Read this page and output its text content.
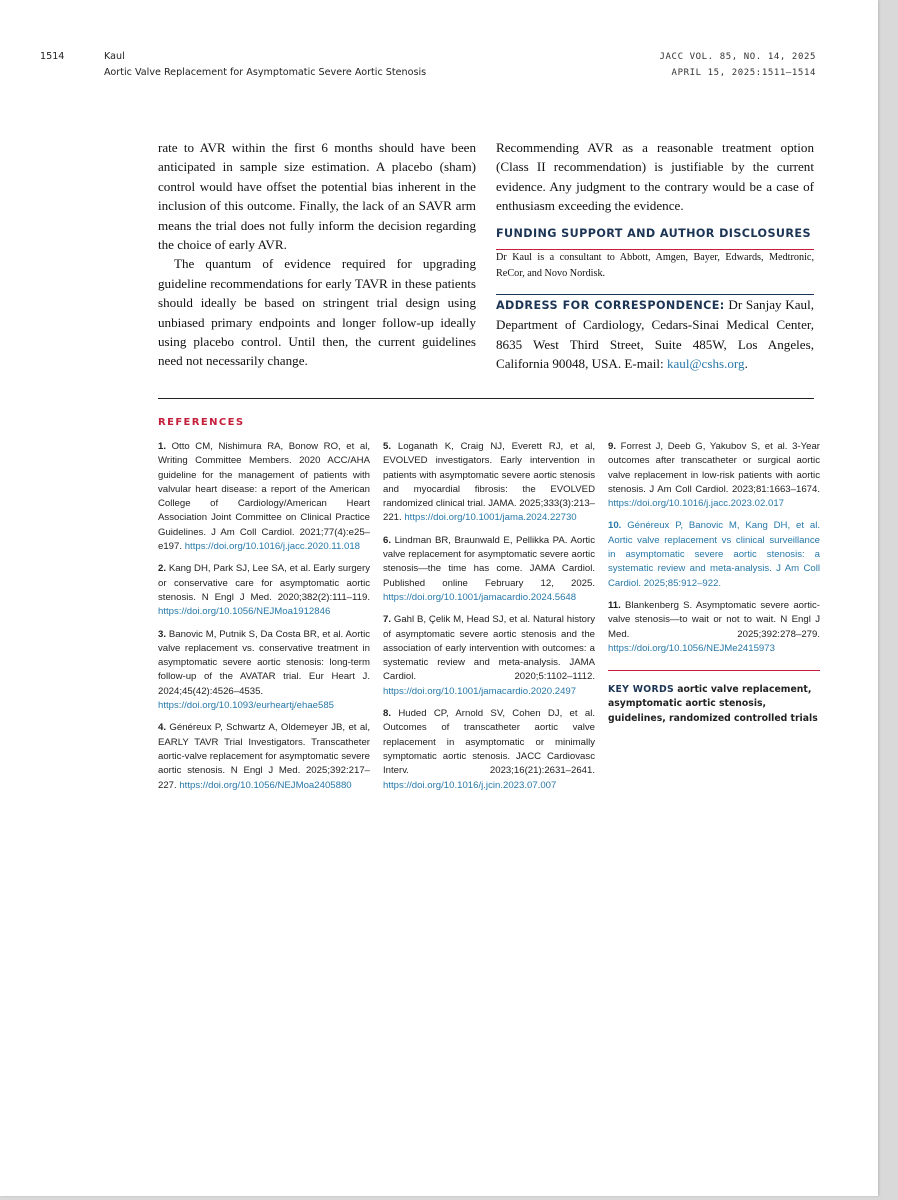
1514	Kaul
Aortic Valve Replacement for Asymptomatic Severe Aortic Stenosis
JACC VOL. 85, NO. 14, 2025
APRIL 15, 2025:1511–1514

rate to AVR within the first 6 months should have been anticipated in sample size estimation. A placebo (sham) control would have offset the potential bias inherent in the inclusion of this outcome. Finally, the lack of an SAVR arm means the trial does not fully inform the decision regarding the choice of early AVR.

The quantum of evidence required for upgrading guideline recommendations for early TAVR in these patients should ideally be based on stringent trial design using unbiased primary endpoints and longer follow-up ideally using placebo control. Until then, the current guidelines need not necessarily change.

Recommending AVR as a reasonable treatment option (Class II recommendation) is justifiable by the current evidence. Any judgment to the contrary would be a case of enthusiasm exceeding the evidence.

FUNDING SUPPORT AND AUTHOR DISCLOSURES

Dr Kaul is a consultant to Abbott, Amgen, Bayer, Edwards, Medtronic, ReCor, and Novo Nordisk.

ADDRESS FOR CORRESPONDENCE: Dr Sanjay Kaul, Department of Cardiology, Cedars-Sinai Medical Center, 8635 West Third Street, Suite 485W, Los Angeles, California 90048, USA. E-mail: kaul@cshs.org.

REFERENCES

1. Otto CM, Nishimura RA, Bonow RO, et al, Writing Committee Members. 2020 ACC/AHA guideline for the management of patients with valvular heart disease: a report of the American College of Cardiology/American Heart Association Joint Committee on Clinical Practice Guidelines. J Am Coll Cardiol. 2021;77(4):e25–e197. https://doi.org/10.1016/j.jacc.2020.11.018

2. Kang DH, Park SJ, Lee SA, et al. Early surgery or conservative care for asymptomatic aortic stenosis. N Engl J Med. 2020;382(2):111–119. https://doi.org/10.1056/NEJMoa1912846

3. Banovic M, Putnik S, Da Costa BR, et al. Aortic valve replacement vs. conservative treatment in asymptomatic severe aortic stenosis: long-term follow-up of the AVATAR trial. Eur Heart J. 2024;45(42):4526–4535. https://doi.org/10.1093/eurheartj/ehae585

4. Généreux P, Schwartz A, Oldemeyer JB, et al, EARLY TAVR Trial Investigators. Transcatheter aortic-valve replacement for asymptomatic severe aortic stenosis. N Engl J Med. 2025;392:217–227. https://doi.org/10.1056/NEJMoa2405880

5. Loganath K, Craig NJ, Everett RJ, et al, EVOLVED investigators. Early intervention in patients with asymptomatic severe aortic stenosis and myocardial fibrosis: the EVOLVED randomized clinical trial. JAMA. 2025;333(3):213–221. https://doi.org/10.1001/jama.2024.22730

6. Lindman BR, Braunwald E, Pellikka PA. Aortic valve replacement for asymptomatic severe aortic stenosis—the time has come. JAMA Cardiol. Published online February 12, 2025. https://doi.org/10.1001/jamacardio.2024.5648

7. Gahl B, Çelik M, Head SJ, et al. Natural history of asymptomatic severe aortic stenosis and the association of early intervention with outcomes: a systematic review and meta-analysis. JAMA Cardiol. 2020;5:1102–1112. https://doi.org/10.1001/jamacardio.2020.2497

8. Huded CP, Arnold SV, Cohen DJ, et al. Outcomes of transcatheter aortic valve replacement in asymptomatic or minimally symptomatic aortic stenosis. JACC Cardiovasc Interv. 2023;16(21):2631–2641. https://doi.org/10.1016/j.jcin.2023.07.007

9. Forrest J, Deeb G, Yakubov S, et al. 3-Year outcomes after transcatheter or surgical aortic valve replacement in low-risk patients with aortic stenosis. J Am Coll Cardiol. 2023;81:1663–1674. https://doi.org/10.1016/j.jacc.2023.02.017

10. Généreux P, Banovic M, Kang DH, et al. Aortic valve replacement vs clinical surveillance in asymptomatic severe aortic stenosis: a systematic review and meta-analysis. J Am Coll Cardiol. 2025;85:912–922.

11. Blankenberg S. Asymptomatic severe aortic-valve stenosis—to wait or not to wait. N Engl J Med. 2025;392:278–279. https://doi.org/10.1056/NEJMe2415973

KEY WORDS aortic valve replacement, asymptomatic aortic stenosis, guidelines, randomized controlled trials
